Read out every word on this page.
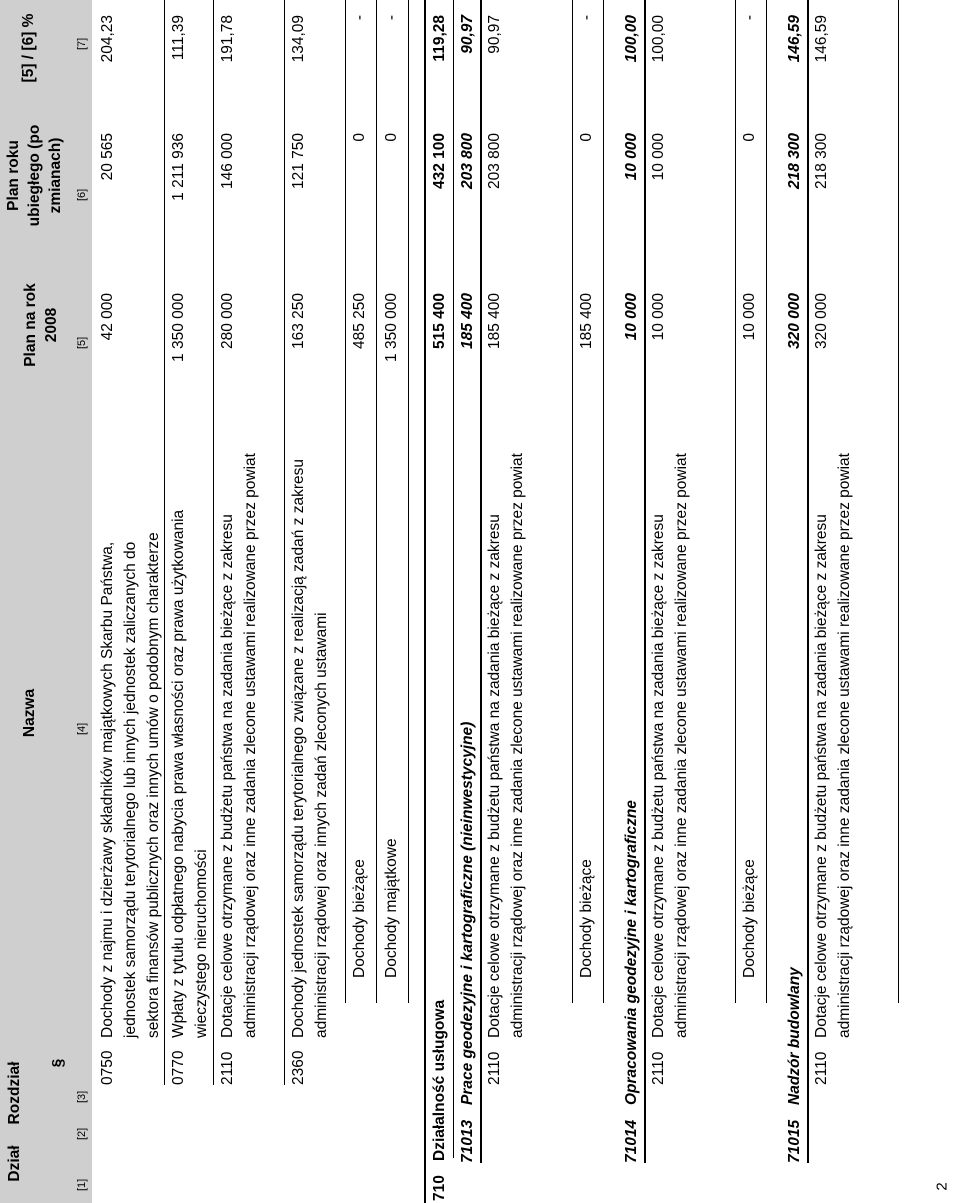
Dział
Rozdział §
Nazwa
Plan na rok 2008
Plan roku ubiegłego (po zmianach)
[5] / [6] %
[1]
[2]
[3]
[4]
[5]
[6]
[7]
0750
Dochody z najmu i dzierżawy składników majątkowych Skarbu Państwa, jednostek samorządu terytorialnego lub innych jednostek zaliczanych do sektora finansów publicznych oraz innych umów o podobnym charakterze
42 000
20 565
204,23
0770
Wpłaty z tytułu odpłatnego nabycia prawa własności oraz prawa użytkowania wieczystego nieruchomości
1 350 000
1 211 936
111,39
2110
Dotacje celowe otrzymane z budżetu państwa na zadania bieżące z zakresu administracji rządowej oraz inne zadania zlecone ustawami realizowane przez powiat
280 000
146 000
191,78
2360
Dochody jednostek samorządu terytorialnego związane z realizacją zadań z zakresu administracji rządowej oraz innych zadań zleconych ustawami
163 250
121 750
134,09
Dochody bieżące
485 250
0
-
Dochody majątkowe
1 350 000
0
-
710
Działalność usługowa
515 400
432 100
119,28
71013
Prace geodezyjne i kartograficzne (nieinwestycyjne)
185 400
203 800
90,97
2110
Dotacje celowe otrzymane z budżetu państwa na zadania bieżące z zakresu administracji rządowej oraz inne zadania zlecone ustawami realizowane przez powiat
185 400
203 800
90,97
Dochody bieżące
185 400
0
-
71014
Opracowania geodezyjne i kartograficzne
10 000
10 000
100,00
2110
Dotacje celowe otrzymane z budżetu państwa na zadania bieżące z zakresu administracji rządowej oraz inne zadania zlecone ustawami realizowane przez powiat
10 000
10 000
100,00
Dochody bieżące
10 000
0
-
71015
Nadzór budowlany
320 000
218 300
146,59
2110
Dotacje celowe otrzymane z budżetu państwa na zadania bieżące z zakresu administracji rządowej oraz inne zadania zlecone ustawami realizowane przez powiat
320 000
218 300
146,59
2
